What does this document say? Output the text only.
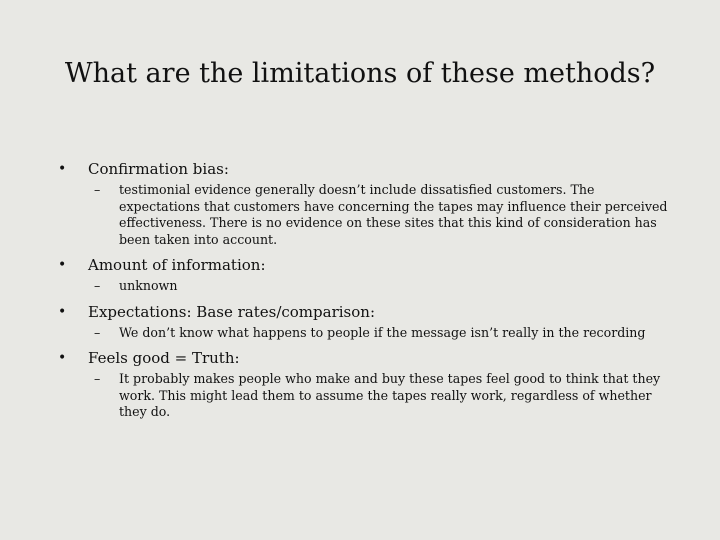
What are the limitations of these methods?
• Confirmation bias:
– testimonial evidence generally doesn’t include dissatisfied customers. The expectations that customers have concerning the tapes may influence their perceived effectiveness. There is no evidence on these sites that this kind of consideration has been taken into account.
• Amount of information:
– unknown
• Expectations: Base rates/comparison:
– We don’t know what happens to people if the message isn’t really in the recording
• Feels good = Truth:
– It probably makes people who make and buy these tapes feel good to think that they work. This might lead them to assume the tapes really work, regardless of whether they do.
